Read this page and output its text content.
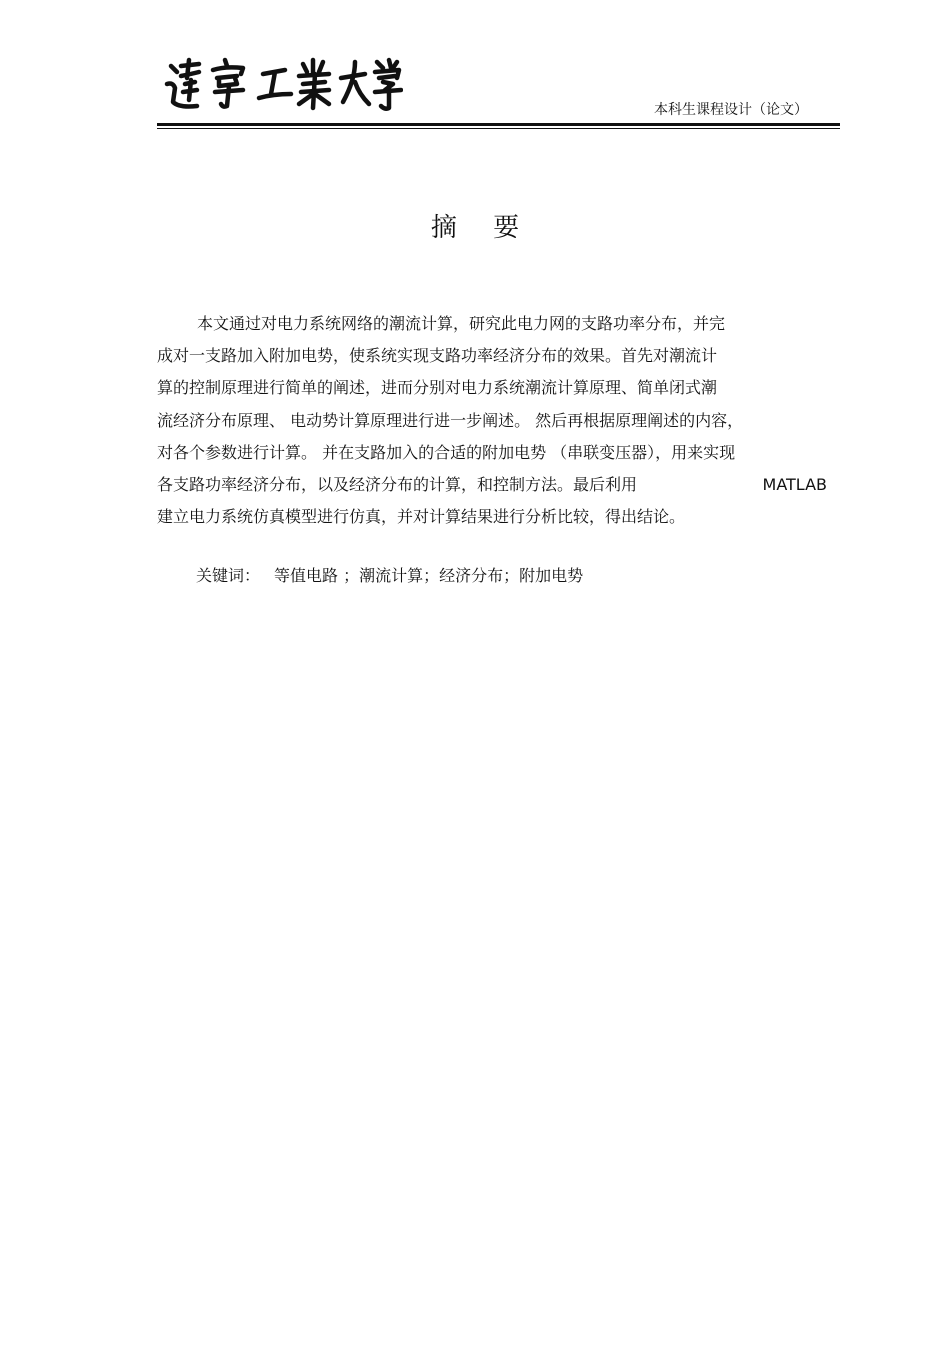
本科生课程设计（论文）
摘 要
本文通过对电力系统网络的潮流计算，研究此电力网的支路功率分布，并完
成对一支路加入附加电势，使系统实现支路功率经济分布的效果。首先对潮流计
算的控制原理进行简单的阐述，进而分别对电力系统潮流计算原理、简单闭式潮
流经济分布原理、 电动势计算原理进行进一步阐述。 然后再根据原理阐述的内容，
对各个参数进行计算。 并在支路加入的合适的附加电势 （串联变压器），用来实现
各支路功率经济分布，以及经济分布的计算，和控制方法。最后利用	MATLAB
建立电力系统仿真模型进行仿真，并对计算结果进行分析比较，得出结论。
关键词： 等值电路 ；潮流计算；经济分布；附加电势
